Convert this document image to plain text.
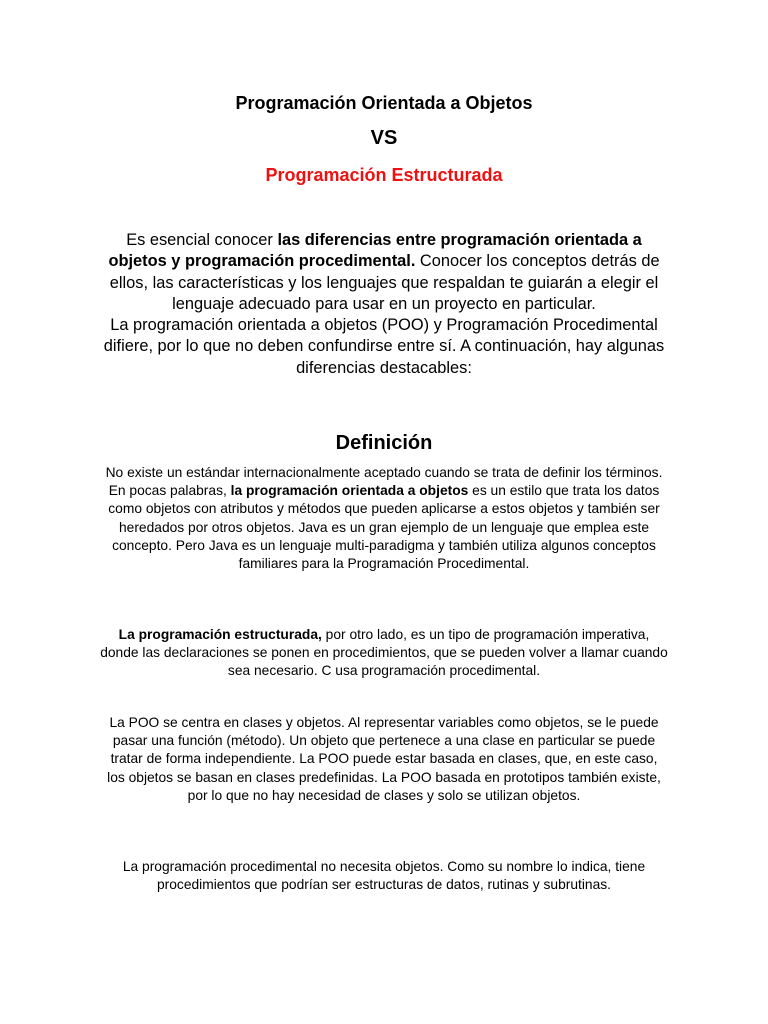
Programación Orientada a Objetos
VS
Programación Estructurada

Es esencial conocer las diferencias entre programación orientada a objetos y programación procedimental. Conocer los conceptos detrás de ellos, las características y los lenguajes que respaldan te guiarán a elegir el lenguaje adecuado para usar en un proyecto en particular.

La programación orientada a objetos (POO) y Programación Procedimental difiere, por lo que no deben confundirse entre sí. A continuación, hay algunas diferencias destacables:

Definición

No existe un estándar internacionalmente aceptado cuando se trata de definir los términos. En pocas palabras, la programación orientada a objetos es un estilo que trata los datos como objetos con atributos y métodos que pueden aplicarse a estos objetos y también ser heredados por otros objetos. Java es un gran ejemplo de un lenguaje que emplea este concepto. Pero Java es un lenguaje multi-paradigma y también utiliza algunos conceptos familiares para la Programación Procedimental.

La programación estructurada, por otro lado, es un tipo de programación imperativa, donde las declaraciones se ponen en procedimientos, que se pueden volver a llamar cuando sea necesario. C usa programación procedimental.

La POO se centra en clases y objetos. Al representar variables como objetos, se le puede pasar una función (método). Un objeto que pertenece a una clase en particular se puede tratar de forma independiente. La POO puede estar basada en clases, que, en este caso, los objetos se basan en clases predefinidas. La POO basada en prototipos también existe, por lo que no hay necesidad de clases y solo se utilizan objetos.

La programación procedimental no necesita objetos. Como su nombre lo indica, tiene procedimientos que podrían ser estructuras de datos, rutinas y subrutinas.
